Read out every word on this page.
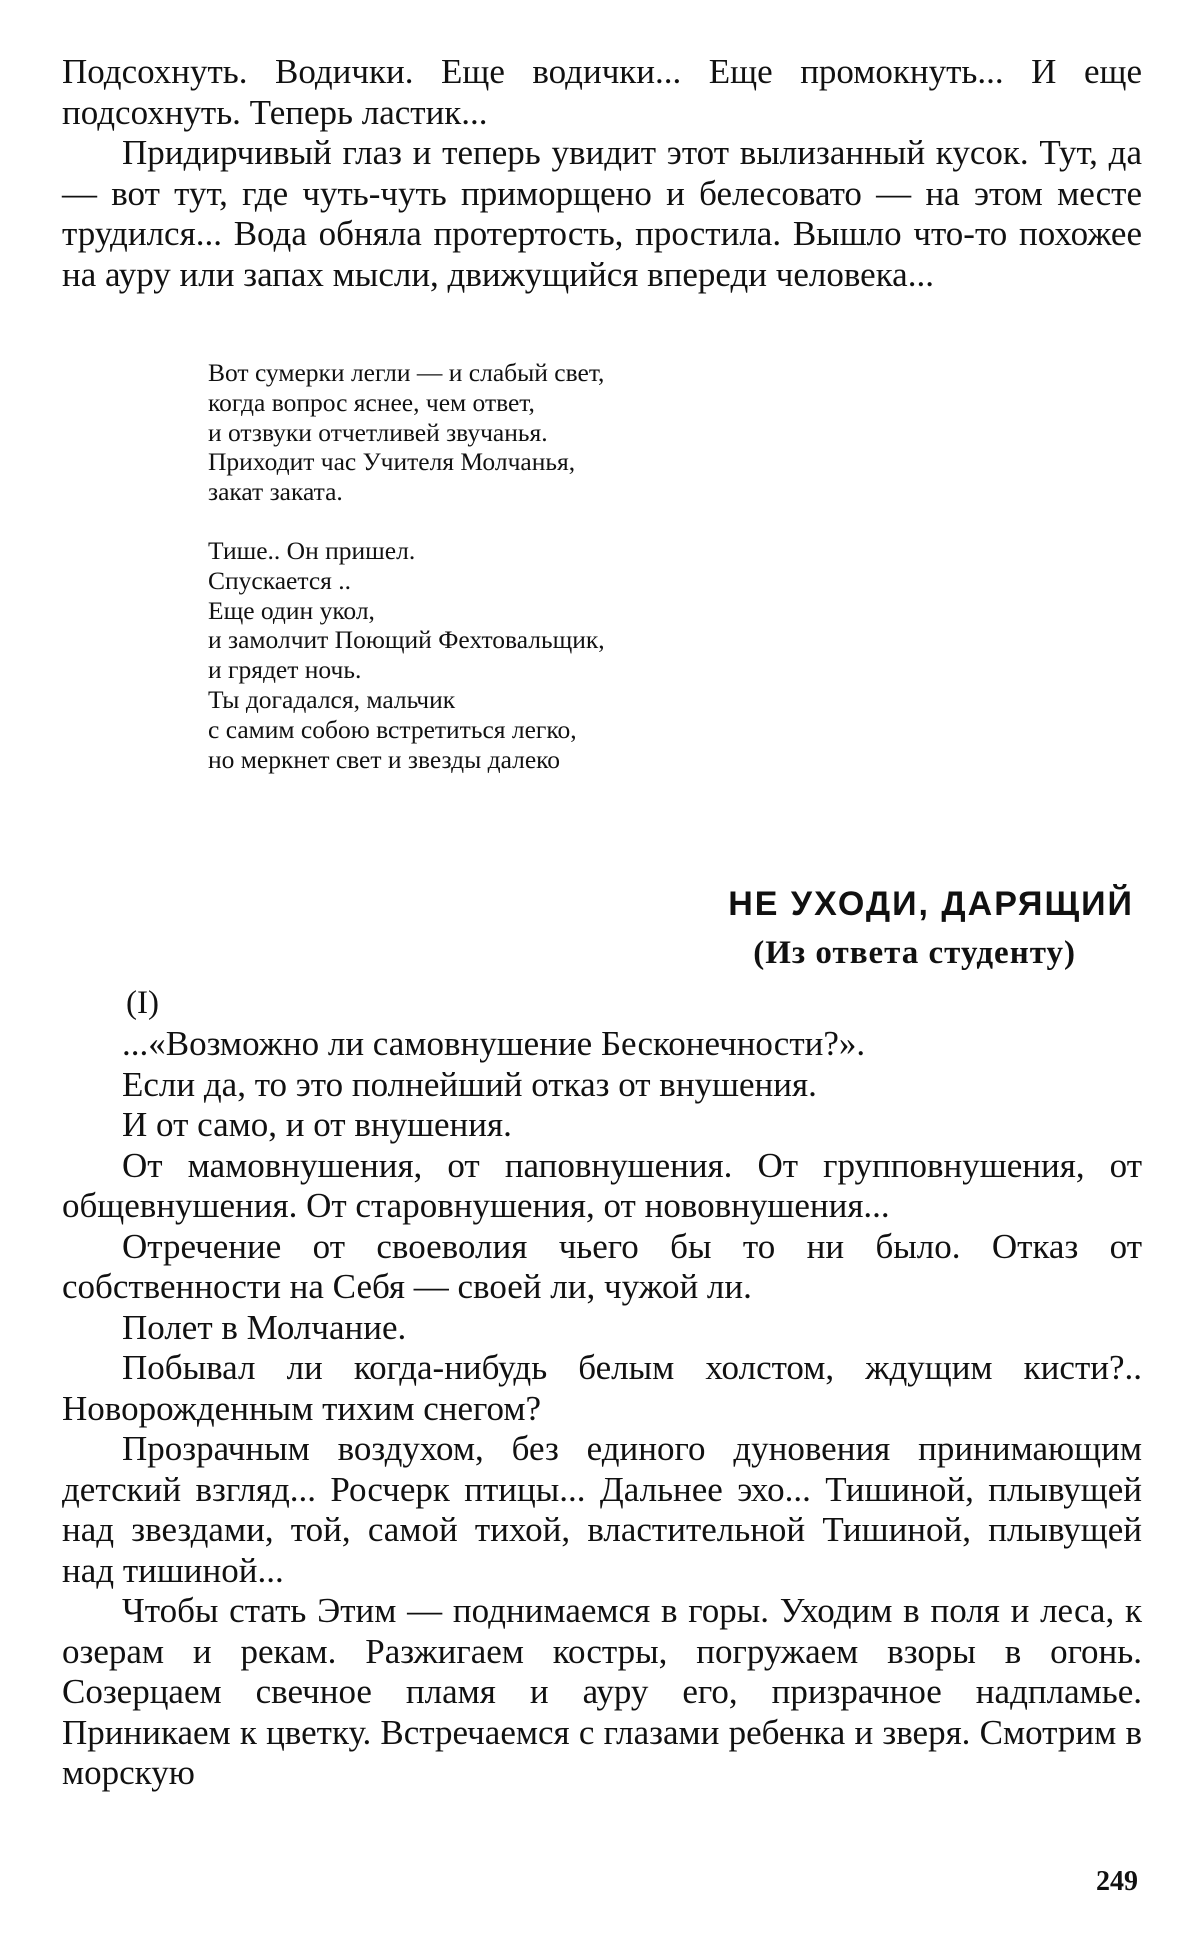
Подсохнуть. Водички. Еще водички... Еще промокнуть... И еще подсохнуть. Теперь ластик...

Придирчивый глаз и теперь увидит этот вылизанный кусок. Тут, да — вот тут, где чуть-чуть приморщено и белесовато — на этом месте трудился... Вода обняла протертость, простила. Вышло что-то похожее на ауру или запах мысли, движущийся впереди человека...

Вот сумерки легли — и слабый свет,
когда вопрос яснее, чем ответ,
и отзвуки отчетливей звучанья.
Приходит час Учителя Молчанья,
закат заката.
Тише.. Он пришел.
Спускается ..
Еще один укол,
и замолчит Поющий Фехтовальщик,
и грядет ночь.
Ты догадался, мальчик
с самим собою встретиться легко,
но меркнет свет и звезды далеко
НЕ УХОДИ, ДАРЯЩИЙ
(Из ответа студенту)
(I)

...«Возможно ли самовнушение Бесконечности?».

Если да, то это полнейший отказ от внушения.

И от само, и от внушения.

От мамовнушения, от паповнушения. От групповнушения, от общевнушения. От старовнушения, от нововнушения...

Отречение от своеволия чьего бы то ни было. Отказ от собственности на Себя — своей ли, чужой ли.

Полет в Молчание.

Побывал ли когда-нибудь белым холстом, ждущим кисти?.. Новорожденным тихим снегом?

Прозрачным воздухом, без единого дуновения принимающим детский взгляд... Росчерк птицы... Дальнее эхо... Тишиной, плывущей над звездами, той, самой тихой, властительной Тишиной, плывущей над тишиной...

Чтобы стать Этим — поднимаемся в горы. Уходим в поля и леса, к озерам и рекам. Разжигаем костры, погружаем взоры в огонь. Созерцаем свечное пламя и ауру его, призрачное надпламье. Приникаем к цветку. Встречаемся с глазами ребенка и зверя. Смотрим в морскую

249
